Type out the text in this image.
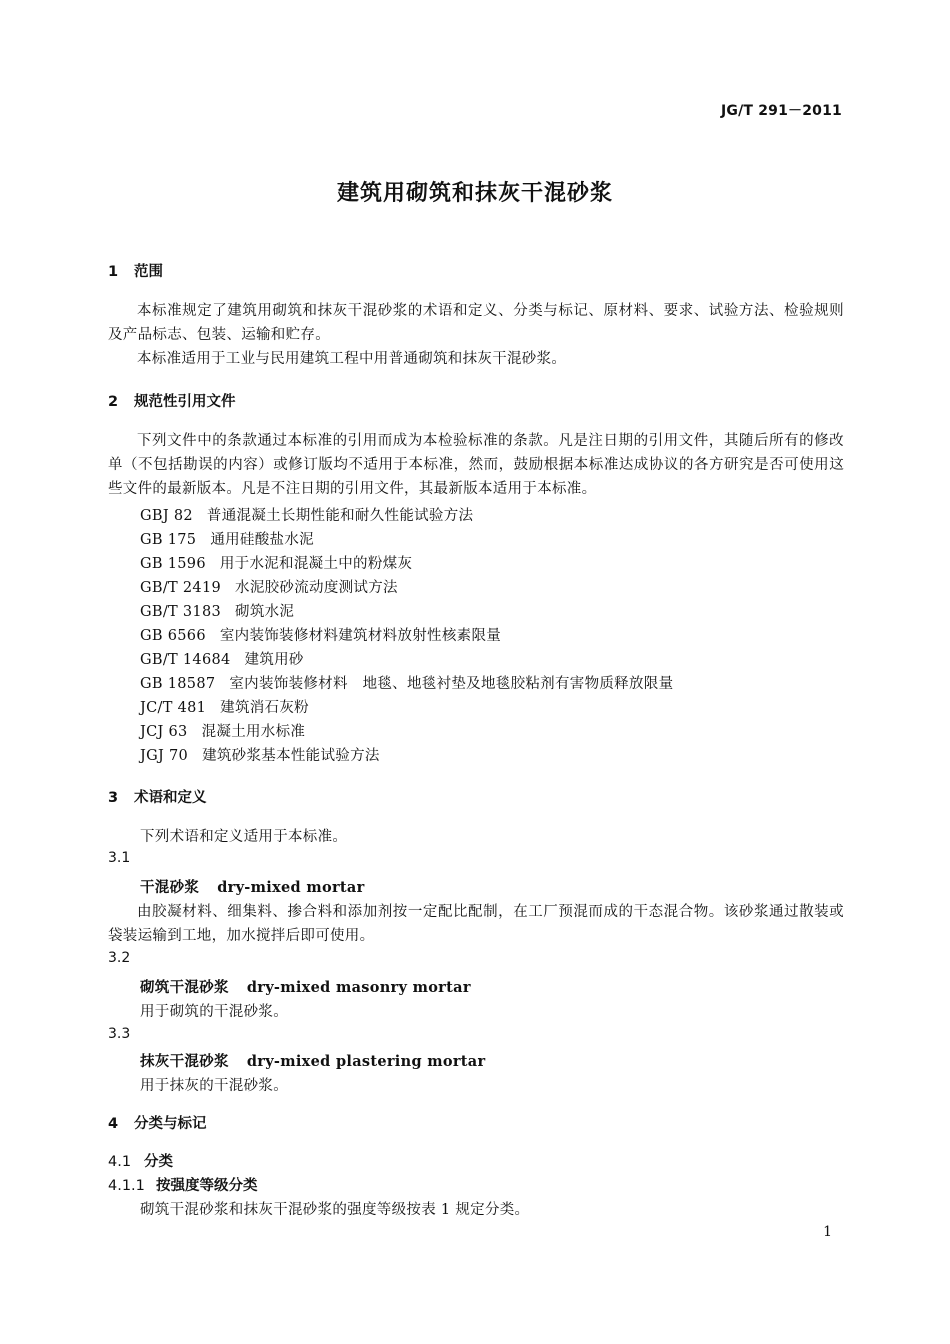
JG/T 291－2011
建筑用砌筑和抹灰干混砂浆
1 范围
本标准规定了建筑用砌筑和抹灰干混砂浆的术语和定义、分类与标记、原材料、要求、试验方法、检验规则及产品标志、包装、运输和贮存。
本标准适用于工业与民用建筑工程中用普通砌筑和抹灰干混砂浆。
2 规范性引用文件
下列文件中的条款通过本标准的引用而成为本检验标准的条款。凡是注日期的引用文件，其随后所有的修改单（不包括勘误的内容）或修订版均不适用于本标准，然而，鼓励根据本标准达成协议的各方研究是否可使用这些文件的最新版本。凡是不注日期的引用文件，其最新版本适用于本标准。
GBJ 82 普通混凝土长期性能和耐久性能试验方法
GB 175 通用硅酸盐水泥
GB 1596 用于水泥和混凝土中的粉煤灰
GB/T 2419 水泥胶砂流动度测试方法
GB/T 3183 砌筑水泥
GB 6566 室内装饰装修材料建筑材料放射性核素限量
GB/T 14684 建筑用砂
GB 18587 室内装饰装修材料　地毯、地毯衬垫及地毯胶粘剂有害物质释放限量
JC/T 481 建筑消石灰粉
JCJ 63 混凝土用水标准
JGJ 70 建筑砂浆基本性能试验方法
3 术语和定义
下列术语和定义适用于本标准。
3.1
干混砂浆 dry-mixed mortar
由胶凝材料、细集料、掺合料和添加剂按一定配比配制，在工厂预混而成的干态混合物。该砂浆通过散装或袋装运输到工地，加水搅拌后即可使用。
3.2
砌筑干混砂浆 dry-mixed masonry mortar
用于砌筑的干混砂浆。
3.3
抹灰干混砂浆 dry-mixed plastering mortar
用于抹灰的干混砂浆。
4 分类与标记
4.1 分类
4.1.1 按强度等级分类
砌筑干混砂浆和抹灰干混砂浆的强度等级按表 1 规定分类。
1
